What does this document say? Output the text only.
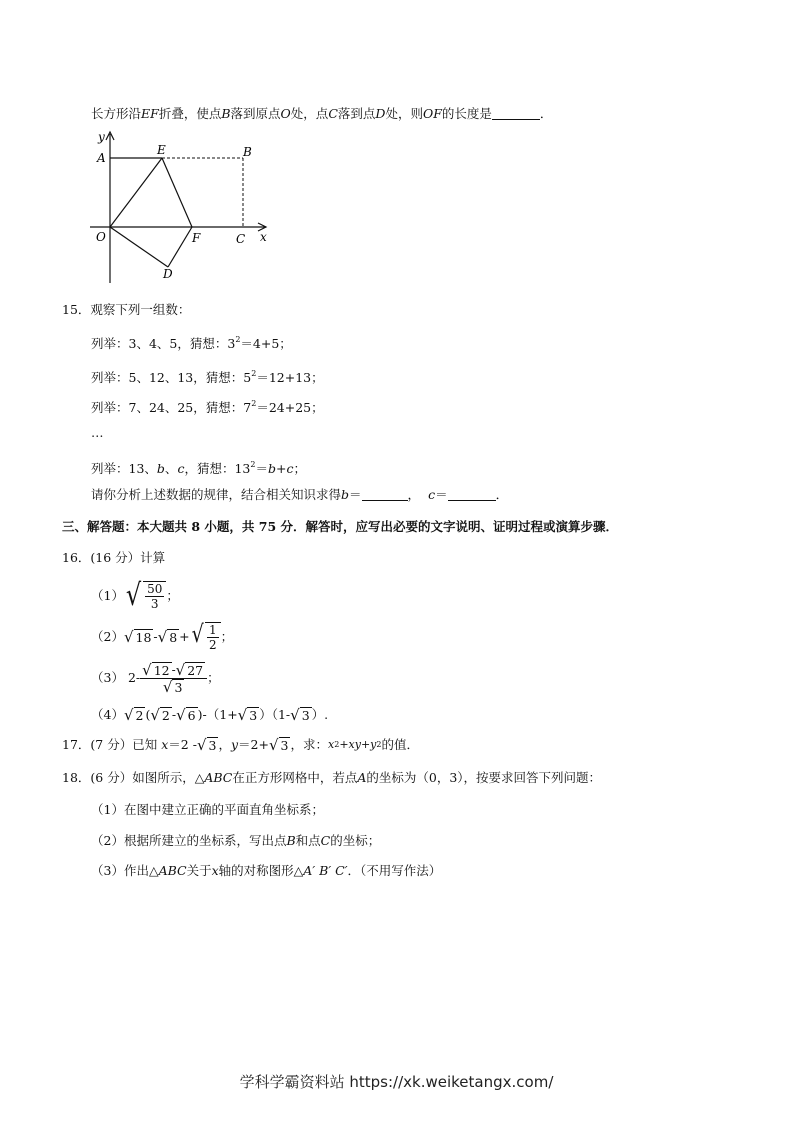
长方形沿EF折叠，使点B落到原点O处，点C落到点D处，则OF的长度是	．
y
A
E	B
O	F	C x
D
15．观察下列一组数：
列举：3、4、5，猜想：$3^2=4+5$；
列举：5、12、13，猜想：$5^2=12+13$；
列举：7、24、25，猜想：$7^2=24+25$；
…
列举：13、b、c，猜想：$13^2=b+c$；
请你分析上述数据的规律，结合相关知识求得b＝	， c＝	．
三、解答题：本大题共 8 小题，共 75 分．解答时，应写出必要的文字说明、证明过程或演算步骤．
16．(16 分）计算
（1） √ $\frac{50}{3}$ ；
（2） √ 18 - √ 8 + √ $\frac{1}{2}$ ；
（3） $2- \frac{√ 12 - √ 27}{√ 3}$ ；
（4） √ 2 ( √ 2 - √ 6 ) -（1+ √ 3 ）（1- √ 3 ）.
17．(7 分）已知 x ＝2 - √ 3 ， y ＝2+ √ 3 ，求： x 2 +xy+y 2 的值．
18．(6 分）如图所示，△ABC在正方形网格中，若点A的坐标为（0，3），按要求回答下列问题：
（1）在图中建立正确的平面直角坐标系；
（2）根据所建立的坐标系，写出点B和点C的坐标；
（3）作出△ABC关于x轴的对称图形△A′ B′ C′．（不用写作法）
学科学霸资料站 https://xk.weiketangx.com/
